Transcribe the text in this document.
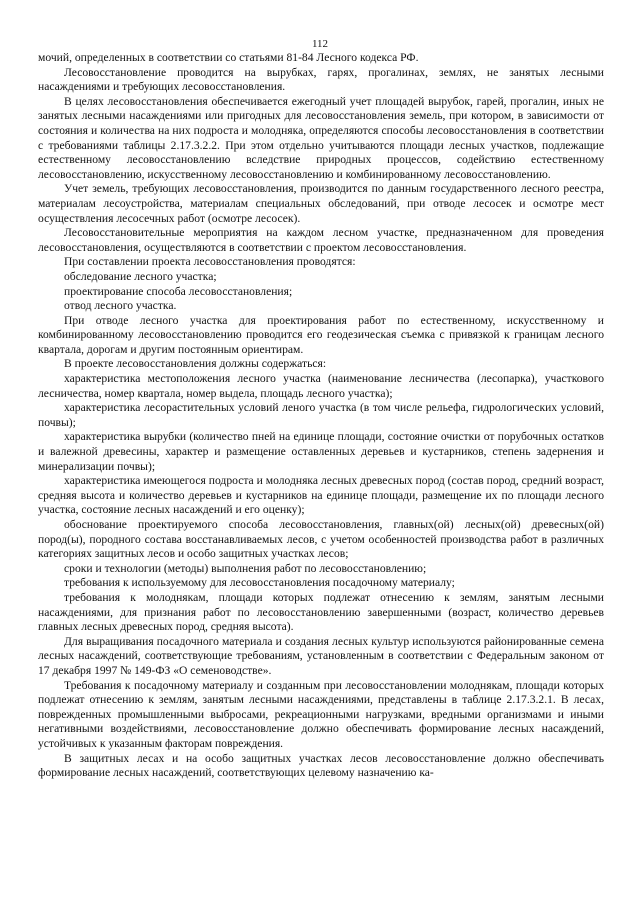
112

мочий, определенных в соответствии со статьями 81-84 Лесного кодекса РФ.

Лесовосстановление проводится на вырубках, гарях, прогалинах, землях, не занятых лесными насаждениями и требующих лесовосстановления.

В целях лесовосстановления обеспечивается ежегодный учет площадей вырубок, гарей, прогалин, иных не занятых лесными насаждениями или пригодных для лесовосстановления земель, при котором, в зависимости от состояния и количества на них подроста и молодняка, определяются способы лесовосстановления в соответствии с требованиями таблицы 2.17.3.2.2. При этом отдельно учитываются площади лесных участков, подлежащие естественному лесовосстановлению вследствие природных процессов, содействию естественному лесовосстановлению, искусственному лесовосстановлению и комбинированному лесовосстановлению.

Учет земель, требующих лесовосстановления, производится по данным государственного лесного реестра, материалам лесоустройства, материалам специальных обследований, при отводе лесосек и осмотре мест осуществления лесосечных работ (осмотре лесосек).

Лесовосстановительные мероприятия на каждом лесном участке, предназначенном для проведения лесовосстановления, осуществляются в соответствии с проектом лесовосстановления.

При составлении проекта лесовосстановления проводятся:

обследование лесного участка;

проектирование способа лесовосстановления;

отвод лесного участка.

При отводе лесного участка для проектирования работ по естественному, искусственному и комбинированному лесовосстановлению проводится его геодезическая съемка с привязкой к границам лесного квартала, дорогам и другим постоянным ориентирам.

В проекте лесовосстановления должны содержаться:

характеристика местоположения лесного участка (наименование лесничества (лесопарка), участкового лесничества, номер квартала, номер выдела, площадь лесного участка);

характеристика лесорастительных условий леного участка (в том числе рельефа, гидрологических условий, почвы);

характеристика вырубки (количество пней на единице площади, состояние очистки от порубочных остатков и валежной древесины, характер и размещение оставленных деревьев и кустарников, степень задернения и минерализации почвы);

характеристика имеющегося подроста и молодняка лесных древесных пород (состав пород, средний возраст, средняя высота и количество деревьев и кустарников на единице площади, размещение их по площади лесного участка, состояние лесных насаждений и его оценку);

обоснование проектируемого способа лесовосстановления, главных(ой) лесных(ой) древесных(ой) пород(ы), породного состава восстанавливаемых лесов, с учетом особенностей производства работ в различных категориях защитных лесов и особо защитных участках лесов;

сроки и технологии (методы) выполнения работ по лесовосстановлению;

требования к используемому для лесовосстановления посадочному материалу;

требования к молоднякам, площади которых подлежат отнесению к землям, занятым лесными насаждениями, для признания работ по лесовосстановлению завершенными (возраст, количество деревьев главных лесных древесных пород, средняя высота).

Для выращивания посадочного материала и создания лесных культур используются районированные семена лесных насаждений, соответствующие требованиям, установленным в соответствии с Федеральным законом от 17 декабря 1997 № 149-ФЗ «О семеноводстве».

Требования к посадочному материалу и созданным при лесовосстановлении молоднякам, площади которых подлежат отнесению к землям, занятым лесными насаждениями, представлены в таблице 2.17.3.2.1. В лесах, поврежденных промышленными выбросами, рекреационными нагрузками, вредными организмами и иными негативными воздействиями, лесовосстановление должно обеспечивать формирование лесных насаждений, устойчивых к указанным факторам повреждения.

В защитных лесах и на особо защитных участках лесов лесовосстановление должно обеспечивать формирование лесных насаждений, соответствующих целевому назначению ка-
